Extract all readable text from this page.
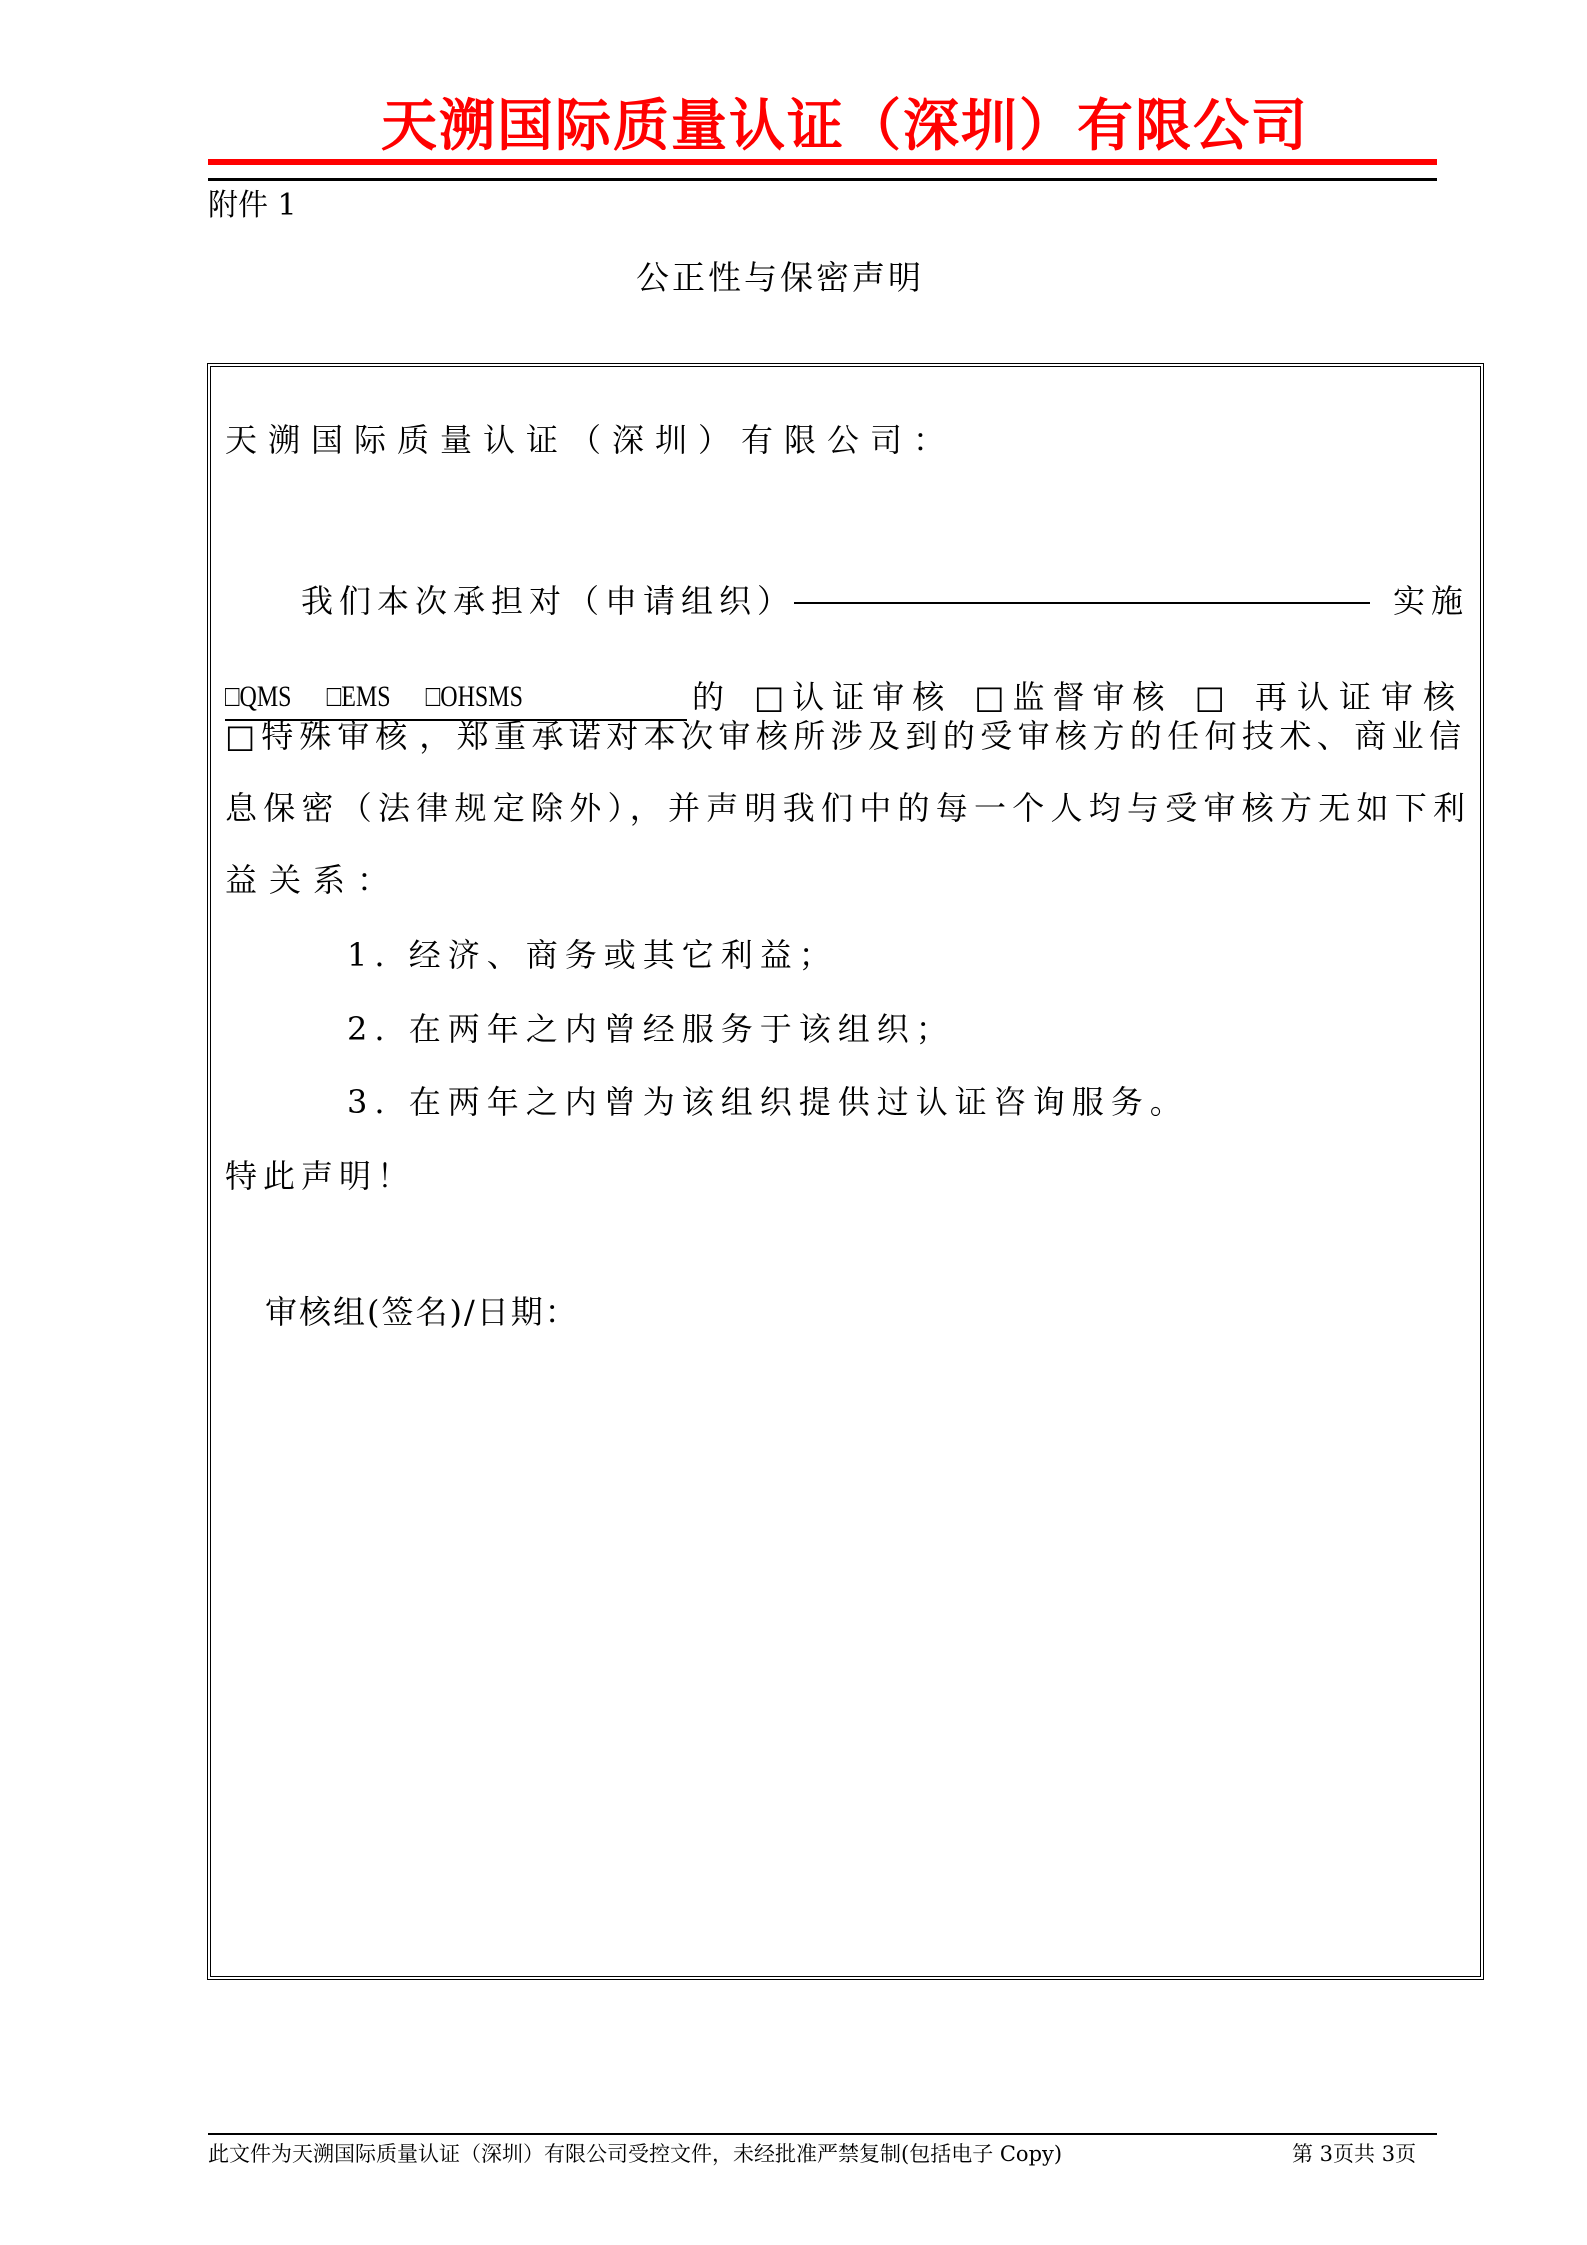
天溯国际质量认证（深圳）有限公司
附件 1
公正性与保密声明
天溯国际质量认证（深圳）有限公司：
我们本次承担对（申请组织）	实施
□QMS □EMS □OHSMS	的 □认证审核 □监督审核 □ 再认证审核
□特殊审核 ，郑重承诺对本次审核所涉及到的受审核方的任何技术、商业信
息保密（法律规定除外），并声明我们中的每一个人均与受审核方无如下利
益关系：
1. 经济、商务或其它利益；
2. 在两年之内曾经服务于该组织；
3. 在两年之内曾为该组织提供过认证咨询服务。
特此声明！
审核组(签名)/日期：
此文件为天溯国际质量认证（深圳）有限公司受控文件，未经批准严禁复制(包括电子 Copy)	第 3页共 3页
